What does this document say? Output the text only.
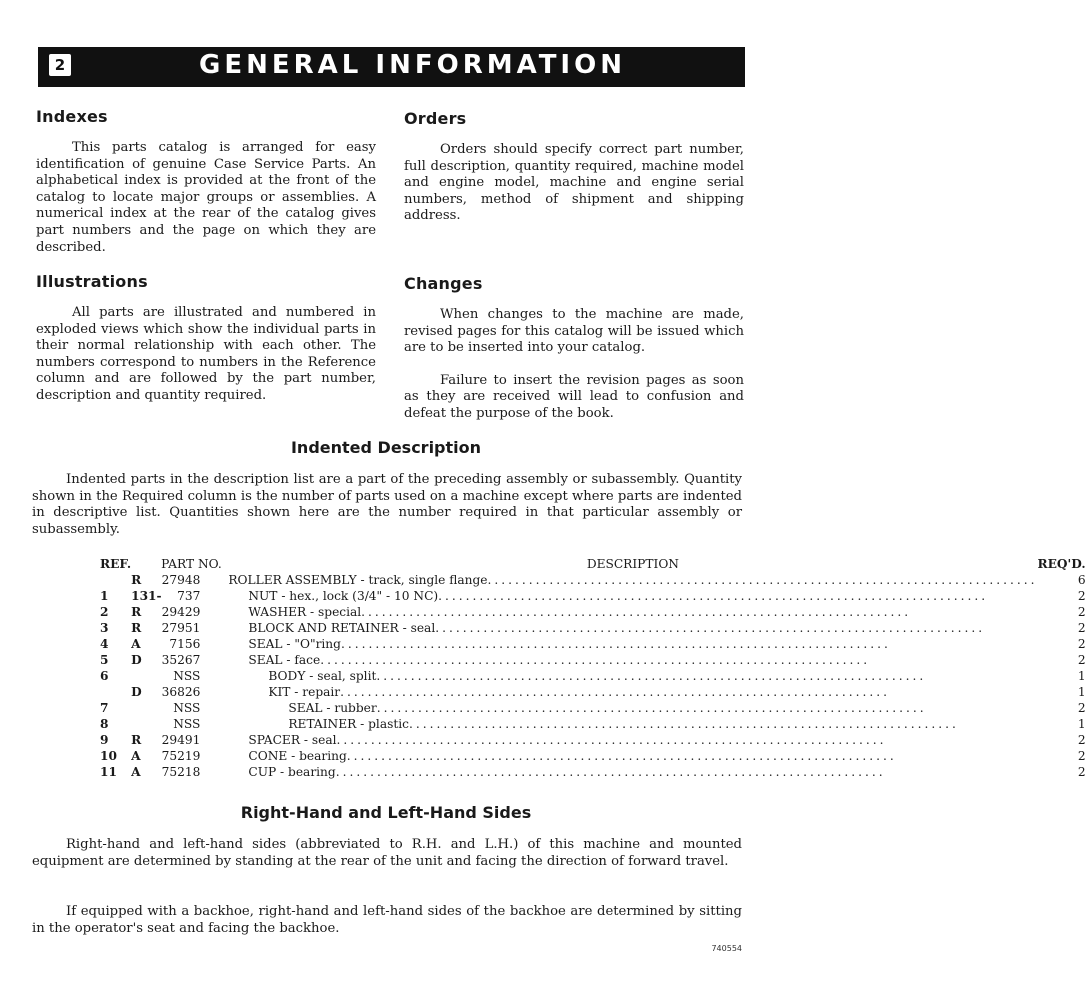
2	GENERAL INFORMATION
Indexes

This parts catalog is arranged for easy identification of genuine Case Service Parts. An alphabetical index is provided at the front of the catalog to locate major groups or assemblies. A numerical index at the rear of the catalog gives part numbers and the page on which they are described.

Illustrations

All parts are illustrated and numbered in exploded views which show the individual parts in their normal relationship with each other. The numbers correspond to numbers in the Reference column and are followed by the part number, description and quantity required.

Orders

Orders should specify correct part number, full description, quantity required, machine model and engine model, machine and engine serial numbers, method of shipment and shipping address.

Changes

When changes to the machine are made, revised pages for this catalog will be issued which are to be inserted into your catalog.

Failure to insert the revision pages as soon as they are received will lead to confusion and defeat the purpose of the book.

Indented Description

Indented parts in the description list are a part of the preceding assembly or subassembly. Quantity shown in the Required column is the number of parts used on a machine except where parts are indented in descriptive list. Quantities shown here are the number required in that particular assembly or subassembly.

REF.	PART NO.		DESCRIPTION	REQ'D.
	R	27948	ROLLER ASSEMBLY - track, single flange ................................................................................	6
1	131-	737	NUT - hex., lock (3/4" - 10 NC) ................................................................................	2
2	R	29429	WASHER - special ................................................................................	2
3	R	27951	BLOCK AND RETAINER - seal ................................................................................	2
4	A	7156	SEAL - "O"ring ................................................................................	2
5	D	35267	SEAL - face ................................................................................	2
6		NSS	BODY - seal, split ................................................................................	1
	D	36826	KIT - repair ................................................................................	1
7		NSS	SEAL - rubber ................................................................................	2
8		NSS	RETAINER - plastic ................................................................................	1
9	R	29491	SPACER - seal ................................................................................	2
10	A	75219	CONE - bearing ................................................................................	2
11	A	75218	CUP - bearing ................................................................................	2
Right-Hand and Left-Hand Sides

Right-hand and left-hand sides (abbreviated to R.H. and L.H.) of this machine and mounted equipment are determined by standing at the rear of the unit and facing the direction of forward travel.

If equipped with a backhoe, right-hand and left-hand sides of the backhoe are determined by sitting in the operator's seat and facing the backhoe.

740554
